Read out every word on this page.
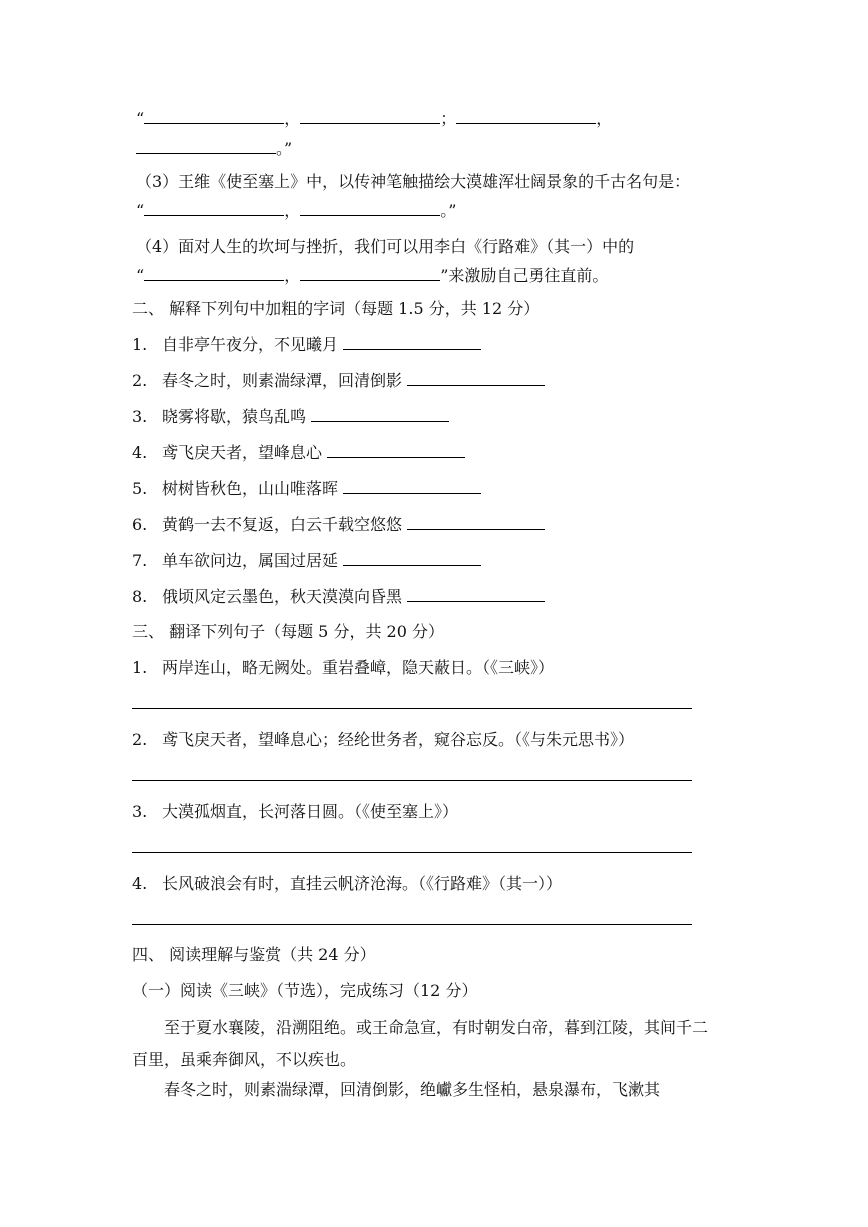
“	，	；	，
。”
（3）王维《使至塞上》中，以传神笔触描绘大漠雄浑壮阔景象的千古名句是：
“	，	。”
（4）面对人生的坎坷与挫折，我们可以用李白《行路难》（其一）中的
“	，	”来激励自己勇往直前。
二、 解释下列句中加粗的字词（每题 1.5 分，共 12 分）
1. 自非亭午夜分，不见曦月
2. 春冬之时，则素湍绿潭，回清倒影
3. 晓雾将歇，猿鸟乱鸣
4. 鸢飞戾天者，望峰息心
5. 树树皆秋色，山山唯落晖
6. 黄鹤一去不复返，白云千载空悠悠
7. 单车欲问边，属国过居延
8. 俄顷风定云墨色，秋天漠漠向昏黑
三、 翻译下列句子（每题 5 分，共 20 分）
1. 两岸连山，略无阙处。重岩叠嶂，隐天蔽日。（《三峡》）
2. 鸢飞戾天者，望峰息心；经纶世务者，窥谷忘反。（《与朱元思书》）
3. 大漠孤烟直，长河落日圆。（《使至塞上》）
4. 长风破浪会有时，直挂云帆济沧海。（《行路难》（其一））
四、 阅读理解与鉴赏（共 24 分）
（一）阅读《三峡》（节选），完成练习（12 分）
至于夏水襄陵，沿溯阻绝。或王命急宣，有时朝发白帝，暮到江陵，其间千二百里，虽乘奔御风，不以疾也。
春冬之时，则素湍绿潭，回清倒影，绝巘多生怪柏，悬泉瀑布，飞漱其
